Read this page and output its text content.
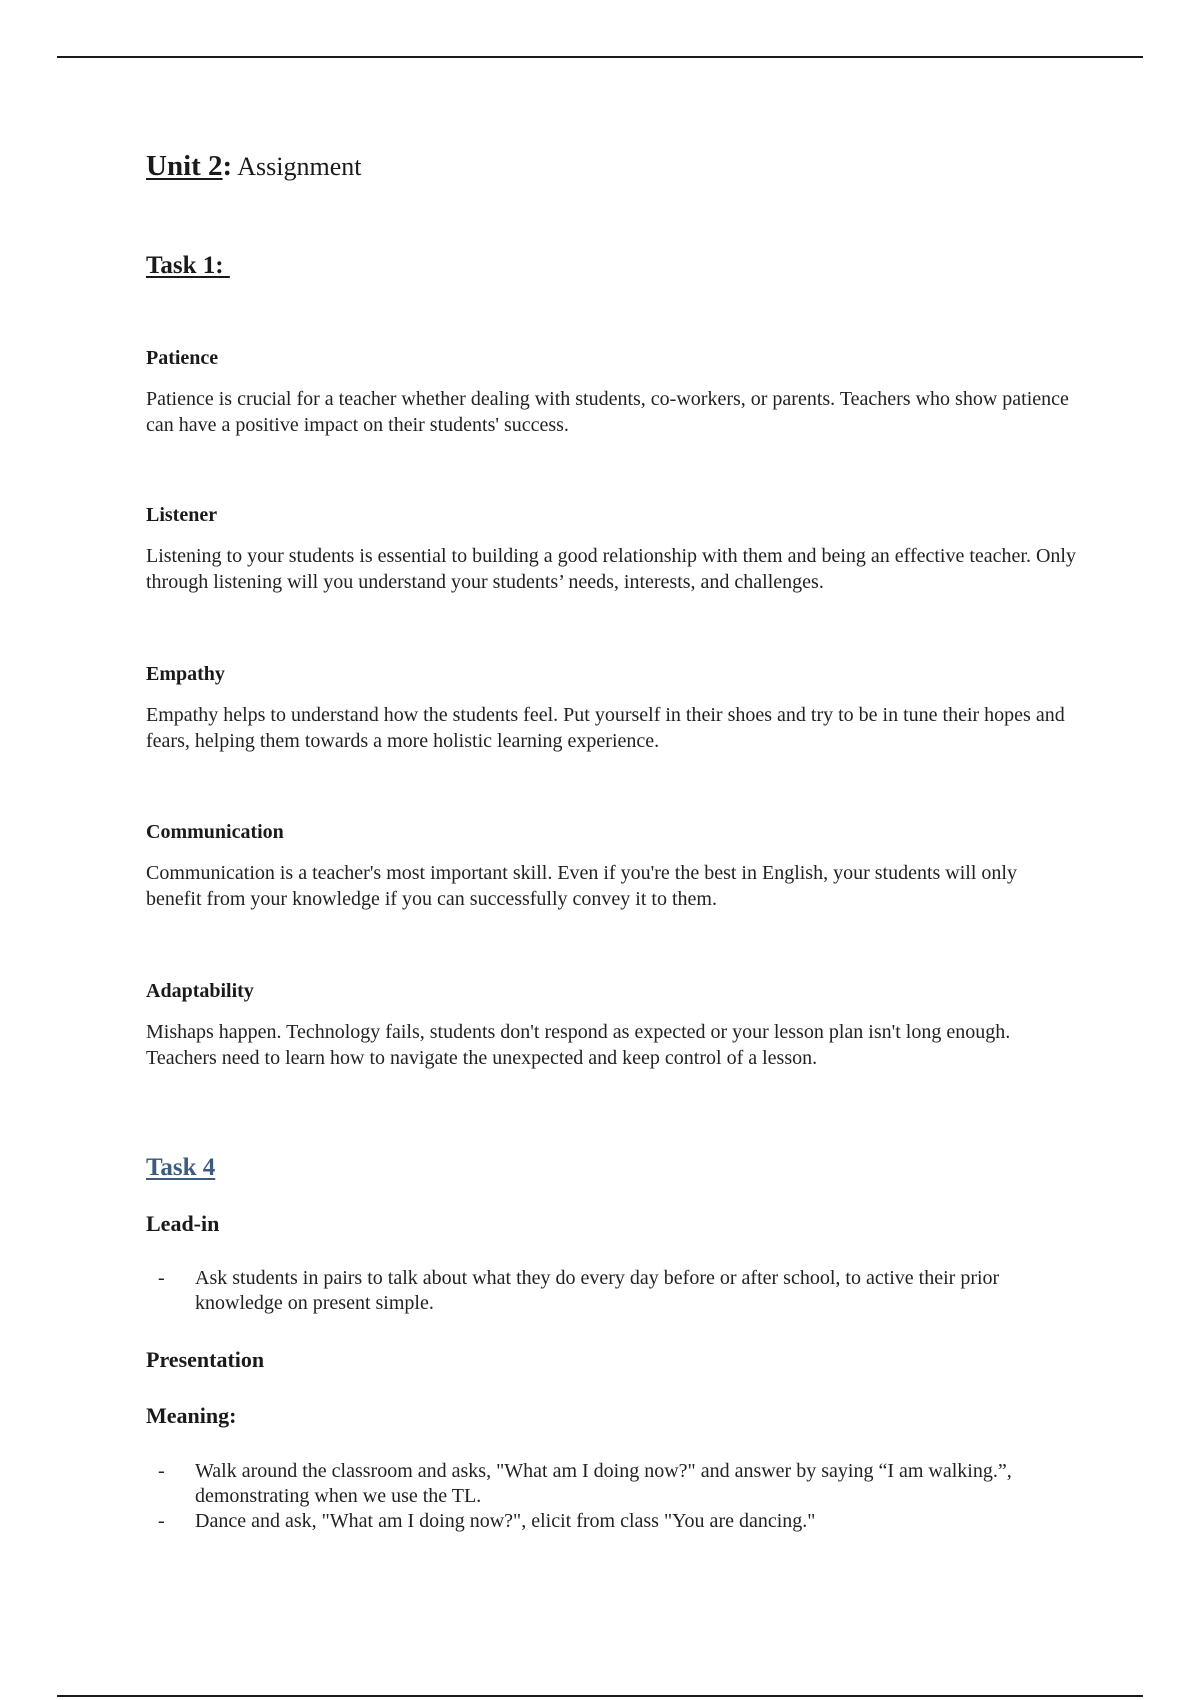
Unit 2: Assignment
Task 1:

Patience

Patience is crucial for a teacher whether dealing with students, co-workers, or parents. Teachers who show patience can have a positive impact on their students' success.

Listener

Listening to your students is essential to building a good relationship with them and being an effective teacher. Only through listening will you understand your students’ needs, interests, and challenges.

Empathy

Empathy helps to understand how the students feel. Put yourself in their shoes and try to be in tune their hopes and fears, helping them towards a more holistic learning experience.

Communication

Communication is a teacher's most important skill. Even if you're the best in English, your students will only benefit from your knowledge if you can successfully convey it to them.

Adaptability

Mishaps happen. Technology fails, students don't respond as expected or your lesson plan isn't long enough. Teachers need to learn how to navigate the unexpected and keep control of a lesson.

Task 4
Lead-in
- Ask students in pairs to talk about what they do every day before or after school, to active their prior knowledge on present simple.
Presentation
Meaning:
- Walk around the classroom and asks, "What am I doing now?" and answer by saying “I am walking.”, demonstrating when we use the TL.
- Dance and ask, "What am I doing now?", elicit from class "You are dancing."
